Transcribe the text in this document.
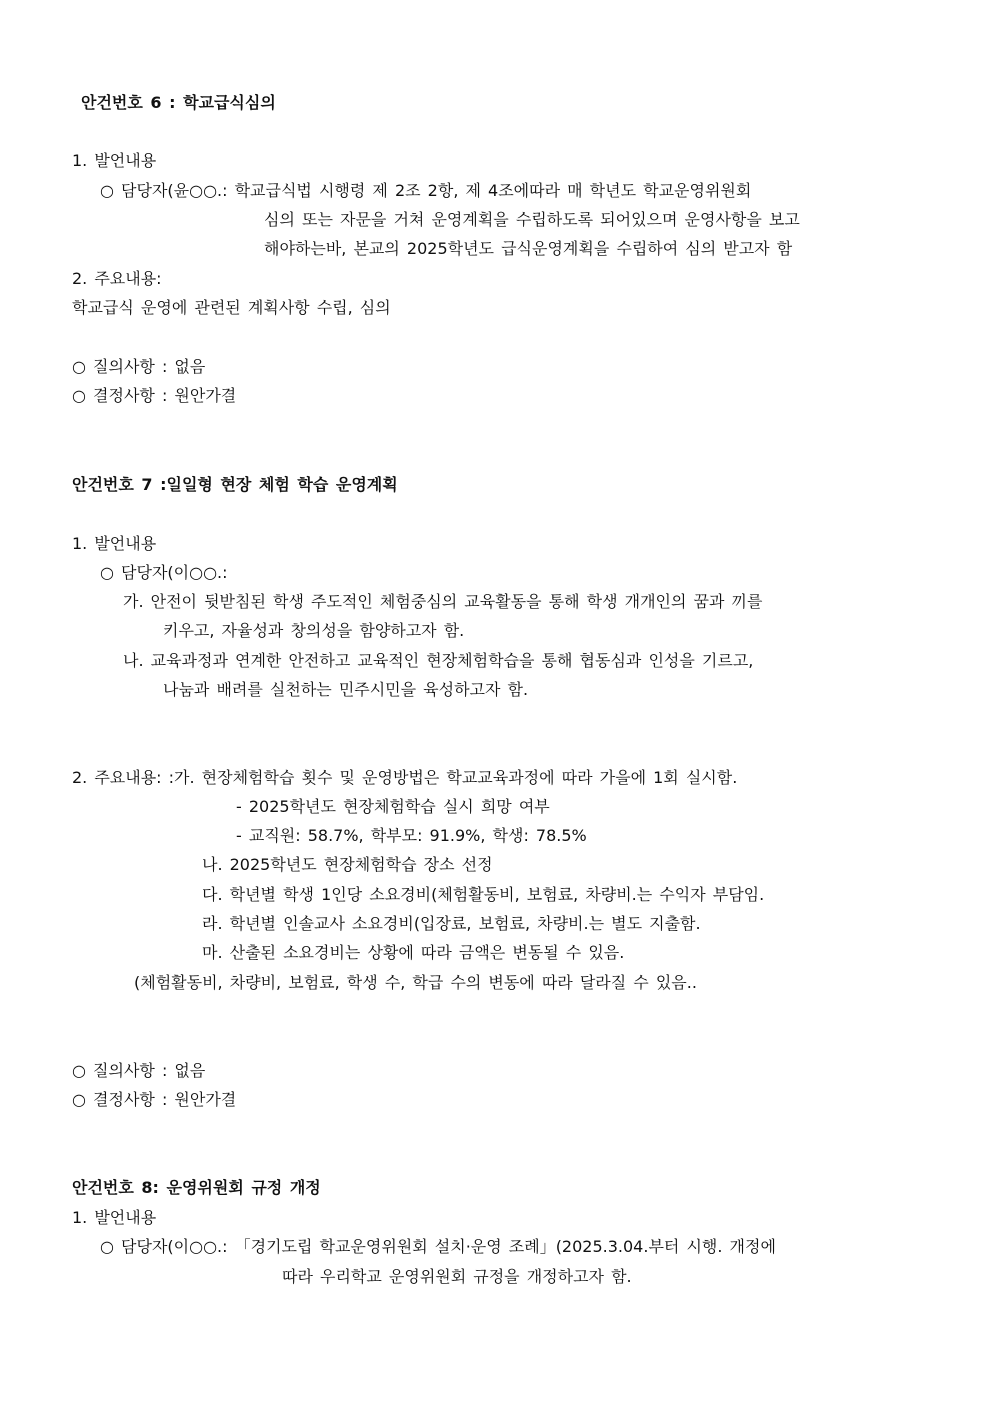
안건번호 6 : 학교급식심의
1. 발언내용
○ 담당자(윤○○.: 학교급식법 시행령 제 2조 2항, 제 4조에따라 매 학년도 학교운영위원회
심의 또는 자문을 거쳐 운영계획을 수립하도록 되어있으며 운영사항을 보고
해야하는바, 본교의 2025학년도 급식운영계획을 수립하여 심의 받고자 함
2. 주요내용:
학교급식 운영에 관련된 계획사항 수립, 심의
○ 질의사항 : 없음
○ 결정사항 : 원안가결
안건번호 7 :일일형 현장 체험 학습 운영계획
1. 발언내용
○ 담당자(이○○.:
가. 안전이 뒷받침된 학생 주도적인 체험중심의 교육활동을 통해 학생 개개인의 꿈과 끼를
키우고, 자율성과 창의성을 함양하고자 함.
나. 교육과정과 연계한 안전하고 교육적인 현장체험학습을 통해 협동심과 인성을 기르고,
나눔과 배려를 실천하는 민주시민을 육성하고자 함.
2. 주요내용: :가. 현장체험학습 횟수 및 운영방법은 학교교육과정에 따라 가을에 1회 실시함.
- 2025학년도 현장체험학습 실시 희망 여부
- 교직원: 58.7%, 학부모: 91.9%, 학생: 78.5%
나. 2025학년도 현장체험학습 장소 선정
다. 학년별 학생 1인당 소요경비(체험활동비, 보험료, 차량비.는 수익자 부담임.
라. 학년별 인솔교사 소요경비(입장료, 보험료, 차량비.는 별도 지출함.
마. 산출된 소요경비는 상황에 따라 금액은 변동될 수 있음.
(체험활동비, 차량비, 보험료, 학생 수, 학급 수의 변동에 따라 달라질 수 있음..
○ 질의사항 : 없음
○ 결정사항 : 원안가결
안건번호 8: 운영위원회 규정 개정
1. 발언내용
○ 담당자(이○○.: 「경기도립 학교운영위원회 설치·운영 조례」(2025.3.04.부터 시행. 개정에
따라 우리학교 운영위원회 규정을 개정하고자 함.
